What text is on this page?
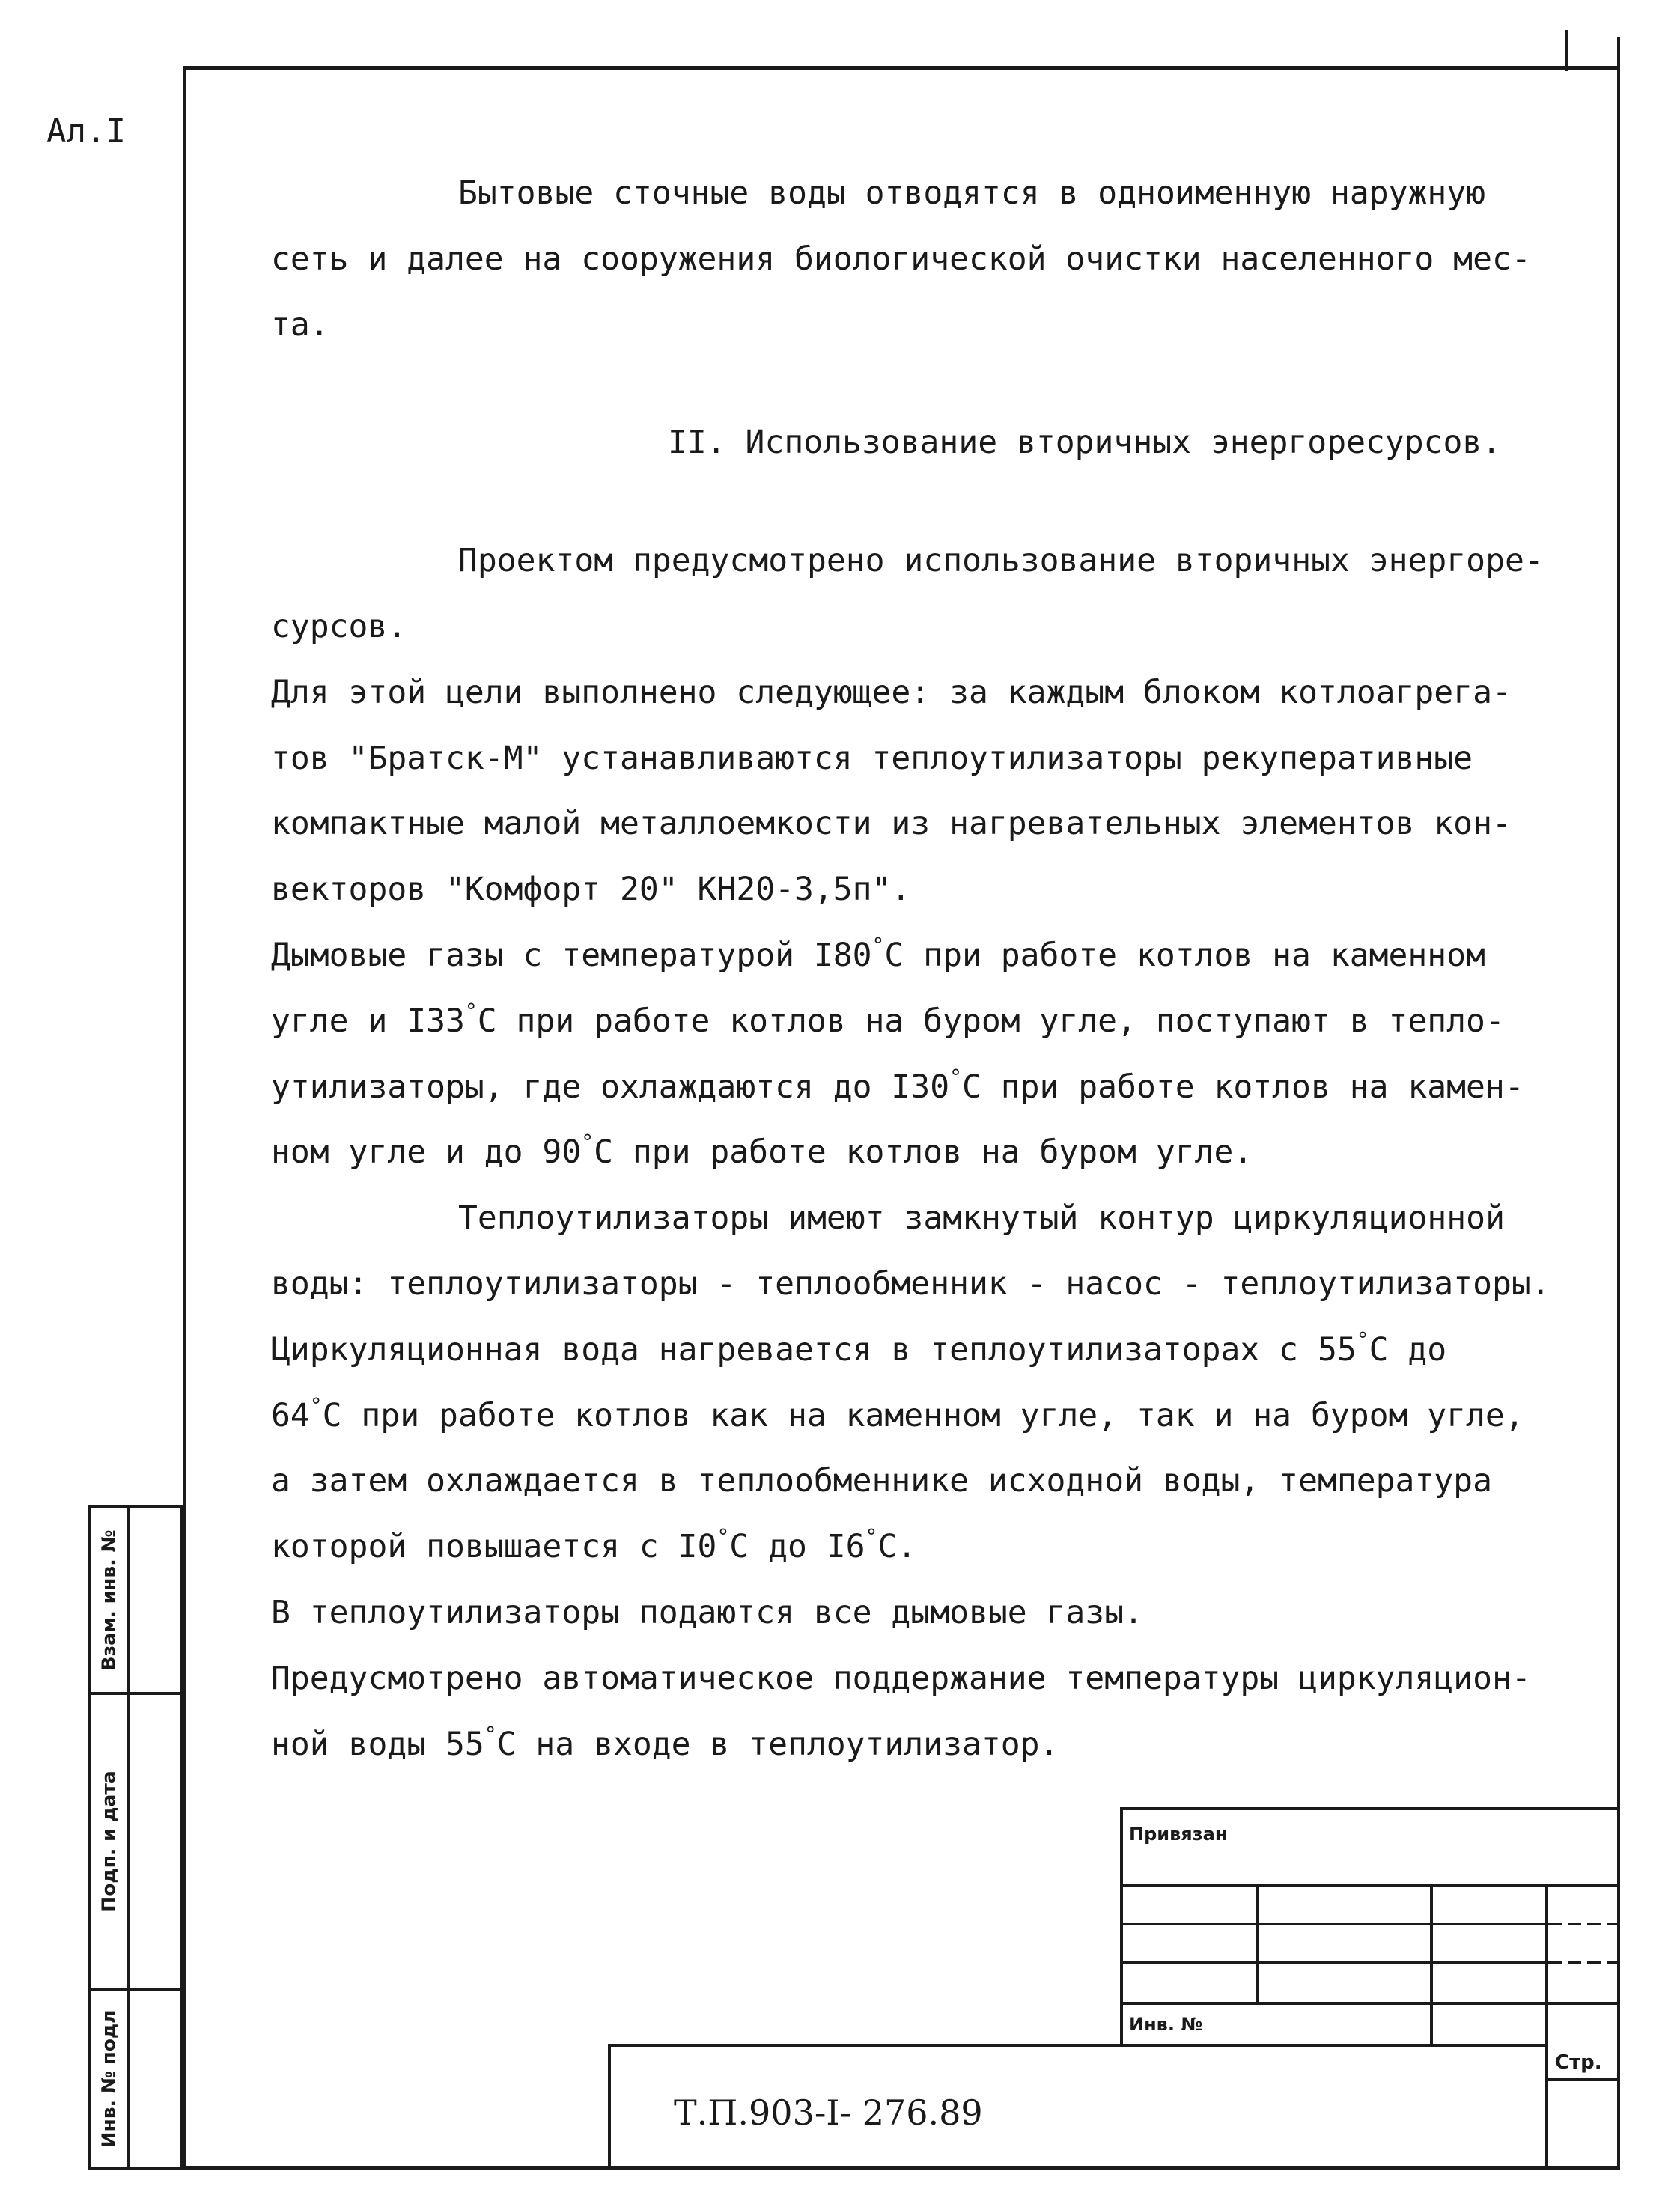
Ал.I
Бытовые сточные воды отводятся в одноименную наружную
сеть и далее на сооружения биологической очистки населенного мес-
та.
II. Использование вторичных энергоресурсов.
Проектом предусмотрено использование вторичных энергоре-
сурсов.
Для этой цели выполнено следующее: за каждым блоком котлоагрега-
тов "Братск-М" устанавливаются теплоутилизаторы рекуперативные
компактные малой металлоемкости из нагревательных элементов кон-
векторов "Комфорт 20" КН20-3,5п".
Дымовые газы с температурой I80°С при работе котлов на каменном
угле и I33°С при работе котлов на буром угле, поступают в тепло-
утилизаторы, где охлаждаются до I30°С при работе котлов на камен-
ном угле и до 90°С при работе котлов на буром угле.
Теплоутилизаторы имеют замкнутый контур циркуляционной
воды: теплоутилизаторы - теплообменник - насос - теплоутилизаторы.
Циркуляционная вода нагревается в теплоутилизаторах с 55°С до
64°С при работе котлов как на каменном угле, так и на буром угле,
а затем охлаждается в теплообменнике исходной воды, температура
которой повышается с I0°С до I6°С.
В теплоутилизаторы подаются все дымовые газы.
Предусмотрено автоматическое поддержание температуры циркуляцион-
ной воды 55°С на входе в теплоутилизатор.
Взам. инв. №
Подп. и дата
Инв. № подл
Привязан
Инв. №
Стр.
Т.П.903-I- 276.89
